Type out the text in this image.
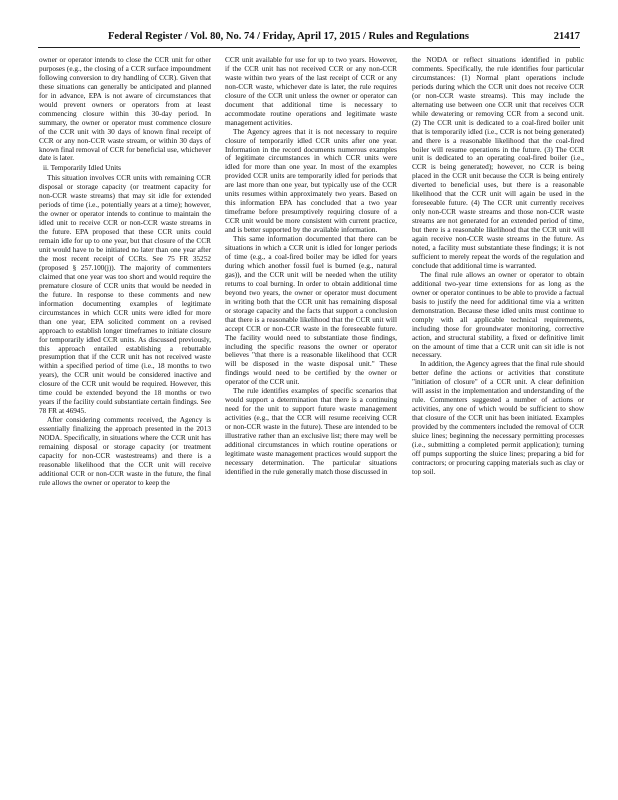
Federal Register / Vol. 80, No. 74 / Friday, April 17, 2015 / Rules and Regulations	21417

owner or operator intends to close the CCR unit for other purposes (e.g., the closing of a CCR surface impoundment following conversion to dry handling of CCR). Given that these situations can generally be anticipated and planned for in advance, EPA is not aware of circumstances that would prevent owners or operators from at least commencing closure within this 30-day period. In summary, the owner or operator must commence closure of the CCR unit with 30 days of known final receipt of CCR or any non-CCR waste stream, or within 30 days of known final removal of CCR for beneficial use, whichever date is later.

ii. Temporarily Idled Units

This situation involves CCR units with remaining CCR disposal or storage capacity (or treatment capacity for non-CCR waste streams) that may sit idle for extended periods of time (i.e., potentially years at a time); however, the owner or operator intends to continue to maintain the idled unit to receive CCR or non-CCR waste streams in the future. EPA proposed that these CCR units could remain idle for up to one year, but that closure of the CCR unit would have to be initiated no later than one year after the most recent receipt of CCRs. See 75 FR 35252 (proposed § 257.100(j)). The majority of commenters claimed that one year was too short and would require the premature closure of CCR units that would be needed in the future. In response to these comments and new information documenting examples of legitimate circumstances in which CCR units were idled for more than one year, EPA solicited comment on a revised approach to establish longer timeframes to initiate closure for temporarily idled CCR units. As discussed previously, this approach entailed establishing a rebuttable presumption that if the CCR unit has not received waste within a specified period of time (i.e., 18 months to two years), the CCR unit would be considered inactive and closure of the CCR unit would be required. However, this time could be extended beyond the 18 months or two years if the facility could substantiate certain findings. See 78 FR at 46945.

After considering comments received, the Agency is essentially finalizing the approach presented in the 2013 NODA. Specifically, in situations where the CCR unit has remaining disposal or storage capacity (or treatment capacity for non-CCR wastestreams) and there is a reasonable likelihood that the CCR unit will receive additional CCR or non-CCR waste in the future, the final rule allows the owner or operator to keep the

CCR unit available for use for up to two years. However, if the CCR unit has not received CCR or any non-CCR waste within two years of the last receipt of CCR or any non-CCR waste, whichever date is later, the rule requires closure of the CCR unit unless the owner or operator can document that additional time is necessary to accommodate routine operations and legitimate waste management activities.

The Agency agrees that it is not necessary to require closure of temporarily idled CCR units after one year. Information in the record documents numerous examples of legitimate circumstances in which CCR units were idled for more than one year. In most of the examples provided CCR units are temporarily idled for periods that are last more than one year, but typically use of the CCR units resumes within approximately two years. Based on this information EPA has concluded that a two year timeframe before presumptively requiring closure of a CCR unit would be more consistent with current practice, and is better supported by the available information.

This same information documented that there can be situations in which a CCR unit is idled for longer periods of time (e.g., a coal-fired boiler may be idled for years during which another fossil fuel is burned (e.g., natural gas)), and the CCR unit will be needed when the utility returns to coal burning. In order to obtain additional time beyond two years, the owner or operator must document in writing both that the CCR unit has remaining disposal or storage capacity and the facts that support a conclusion that there is a reasonable likelihood that the CCR unit will accept CCR or non-CCR waste in the foreseeable future. The facility would need to substantiate those findings, including the specific reasons the owner or operator believes "that there is a reasonable likelihood that CCR will be disposed in the waste disposal unit." These findings would need to be certified by the owner or operator of the CCR unit.

The rule identifies examples of specific scenarios that would support a determination that there is a continuing need for the unit to support future waste management activities (e.g., that the CCR will resume receiving CCR or non-CCR waste in the future). These are intended to be illustrative rather than an exclusive list; there may well be additional circumstances in which routine operations or legitimate waste management practices would support the necessary determination. The particular situations identified in the rule generally match those discussed in

the NODA or reflect situations identified in public comments. Specifically, the rule identifies four particular circumstances: (1) Normal plant operations include periods during which the CCR unit does not receive CCR (or non-CCR waste streams). This may include the alternating use between one CCR unit that receives CCR while dewatering or removing CCR from a second unit. (2) The CCR unit is dedicated to a coal-fired boiler unit that is temporarily idled (i.e., CCR is not being generated) and there is a reasonable likelihood that the coal-fired boiler will resume operations in the future. (3) The CCR unit is dedicated to an operating coal-fired boiler (i.e., CCR is being generated); however, no CCR is being placed in the CCR unit because the CCR is being entirely diverted to beneficial uses, but there is a reasonable likelihood that the CCR unit will again be used in the foreseeable future. (4) The CCR unit currently receives only non-CCR waste streams and those non-CCR waste streams are not generated for an extended period of time, but there is a reasonable likelihood that the CCR unit will again receive non-CCR waste streams in the future. As noted, a facility must substantiate these findings; it is not sufficient to merely repeat the words of the regulation and conclude that additional time is warranted.

The final rule allows an owner or operator to obtain additional two-year time extensions for as long as the owner or operator continues to be able to provide a factual basis to justify the need for additional time via a written demonstration. Because these idled units must continue to comply with all applicable technical requirements, including those for groundwater monitoring, corrective action, and structural stability, a fixed or definitive limit on the amount of time that a CCR unit can sit idle is not necessary.

In addition, the Agency agrees that the final rule should better define the actions or activities that constitute "initiation of closure" of a CCR unit. A clear definition will assist in the implementation and understanding of the rule. Commenters suggested a number of actions or activities, any one of which would be sufficient to show that closure of the CCR unit has been initiated. Examples provided by the commenters included the removal of CCR sluice lines; beginning the necessary permitting processes (i.e., submitting a completed permit application); turning off pumps supporting the sluice lines; preparing a bid for contractors; or procuring capping materials such as clay or top soil.
